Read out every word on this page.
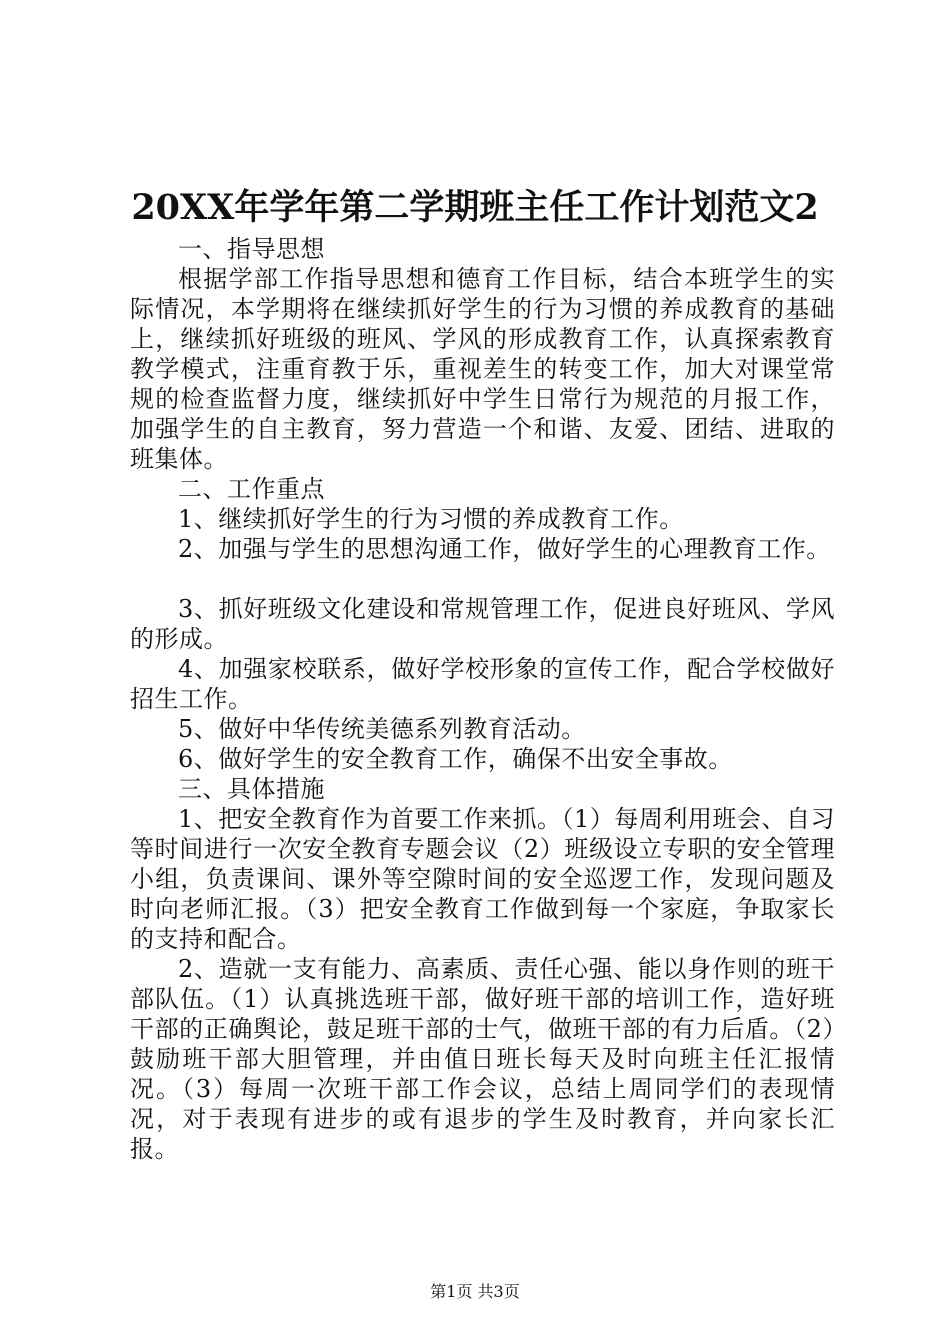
20XX年学年第二学期班主任工作计划范文2

一、指导思想

根据学部工作指导思想和德育工作目标，结合本班学生的实际情况，本学期将在继续抓好学生的行为习惯的养成教育的基础上，继续抓好班级的班风、学风的形成教育工作，认真探索教育教学模式，注重育教于乐，重视差生的转变工作，加大对课堂常规的检查监督力度，继续抓好中学生日常行为规范的月报工作，加强学生的自主教育，努力营造一个和谐、友爱、团结、进取的班集体。

二、工作重点

1、继续抓好学生的行为习惯的养成教育工作。

2、加强与学生的思想沟通工作，做好学生的心理教育工作。

3、抓好班级文化建设和常规管理工作，促进良好班风、学风的形成。

4、加强家校联系，做好学校形象的宣传工作，配合学校做好招生工作。

5、做好中华传统美德系列教育活动。

6、做好学生的安全教育工作，确保不出安全事故。

三、具体措施

1、把安全教育作为首要工作来抓。（1）每周利用班会、自习等时间进行一次安全教育专题会议（2）班级设立专职的安全管理小组，负责课间、课外等空隙时间的安全巡逻工作，发现问题及时向老师汇报。（3）把安全教育工作做到每一个家庭，争取家长的支持和配合。

2、造就一支有能力、高素质、责任心强、能以身作则的班干部队伍。（1）认真挑选班干部，做好班干部的培训工作，造好班干部的正确舆论，鼓足班干部的士气，做班干部的有力后盾。（2）鼓励班干部大胆管理，并由值日班长每天及时向班主任汇报情况。（3）每周一次班干部工作会议，总结上周同学们的表现情况，对于表现有进步的或有退步的学生及时教育，并向家长汇报。

第1页 共3页
